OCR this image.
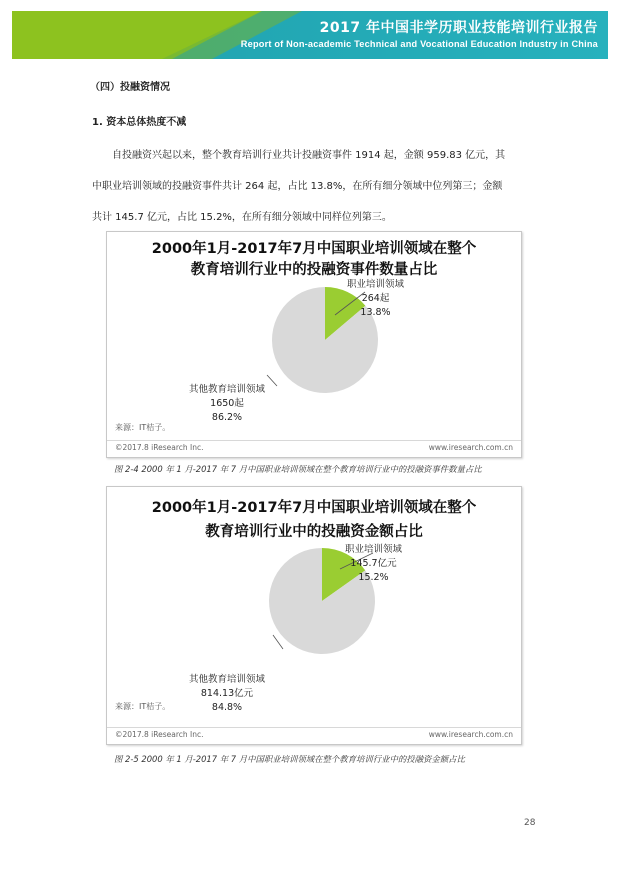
2017 年中国非学历职业技能培训行业报告
Report of Non-academic Technical and Vocational Education Industry in China
（四）投融资情况
1. 资本总体热度不减
自投融资兴起以来，整个教育培训行业共计投融资事件 1914 起，金额 959.83 亿元，其
中职业培训领域的投融资事件共计 264 起，占比 13.8%，在所有细分领域中位列第三；金额
共计 145.7 亿元，占比 15.2%，在所有细分领域中同样位列第三。
2000年1月-2017年7月中国职业培训领域在整个
教育培训行业中的投融资事件数量占比
职业培训领域
264起
13.8%
其他教育培训领域
1650起
86.2%
来源：IT桔子。
©2017.8 iResearch Inc.	www.iresearch.com.cn
图 2-4 2000 年 1 月-2017 年 7 月中国职业培训领域在整个教育培训行业中的投融资事件数量占比
2000年1月-2017年7月中国职业培训领域在整个
教育培训行业中的投融资金额占比
职业培训领域
145.7亿元
15.2%
其他教育培训领域
814.13亿元
84.8%
来源：IT桔子。
©2017.8 iResearch Inc.	www.iresearch.com.cn
图 2-5 2000 年 1 月-2017 年 7 月中国职业培训领域在整个教育培训行业中的投融资金额占比
28
